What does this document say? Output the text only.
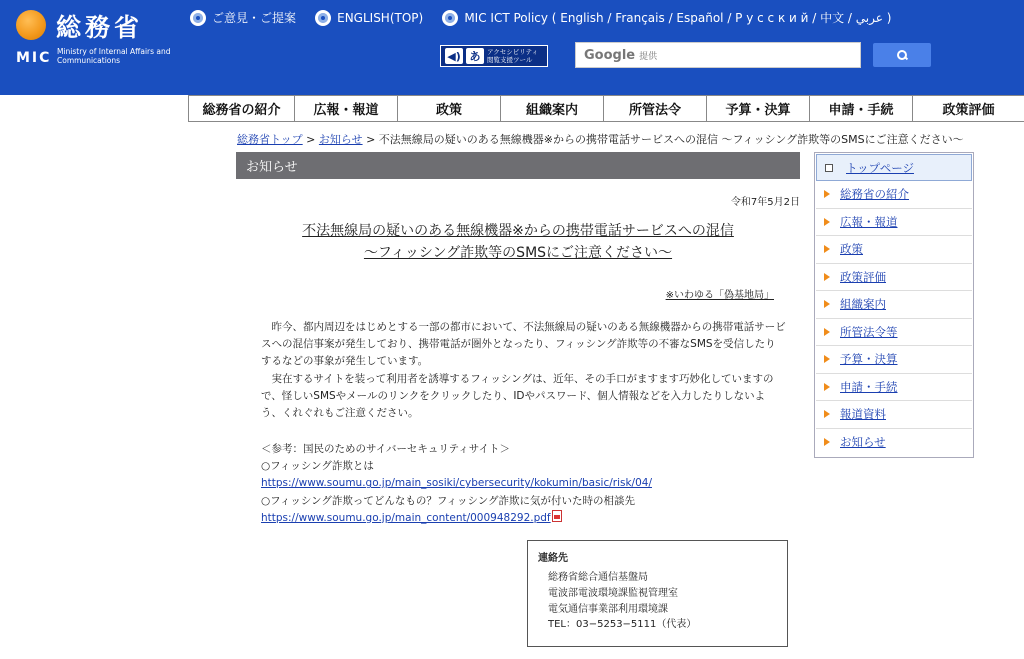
総務省
MIC Ministry of Internal Affairs and Communications
ご意見・ご提案
	ENGLISH(TOP)
	MIC ICT Policy ( English / Français / Español / Р у с с к и й / 中文 / عربي )
◀) あ	アクセシビリティ
閲覧支援ツール	Google 提供
総務省の紹介	広報・報道	政策	組織案内	所管法令	予算・決算	申請・手続	政策評価
総務省トップ > お知らせ > 不法無線局の疑いのある無線機器※からの携帯電話サービスへの混信 〜フィッシング詐欺等のSMSにご注意ください〜
お知らせ
令和7年5月2日
不法無線局の疑いのある無線機器※からの携帯電話サービスへの混信
〜フィッシング詐欺等のSMSにご注意ください〜
※いわゆる「偽基地局」

昨今、都内周辺をはじめとする一部の都市において、不法無線局の疑いのある無線機器からの携帯電話サービスへの混信事案が発生しており、携帯電話が圏外となったり、フィッシング詐欺等の不審なSMSを受信したりするなどの事象が発生しています。

実在するサイトを装って利用者を誘導するフィッシングは、近年、その手口がますます巧妙化していますので、怪しいSMSやメールのリンクをクリックしたり、IDやパスワード、個人情報などを入力したりしないよう、くれぐれもご注意ください。

＜参考：国民のためのサイバーセキュリティサイト＞
○フィッシング詐欺とは
https://www.soumu.go.jp/main_sosiki/cybersecurity/kokumin/basic/risk/04/
○フィッシング詐欺ってどんなもの？フィッシング詐欺に気が付いた時の相談先
https://www.soumu.go.jp/main_content/000948292.pdf
連絡先
総務省総合通信基盤局
電波部電波環境課監視管理室
電気通信事業部利用環境課
TEL：03−5253−5111（代表）
トップページ
総務省の紹介
広報・報道
政策
政策評価
組織案内
所管法令等
予算・決算
申請・手続
報道資料
お知らせ
